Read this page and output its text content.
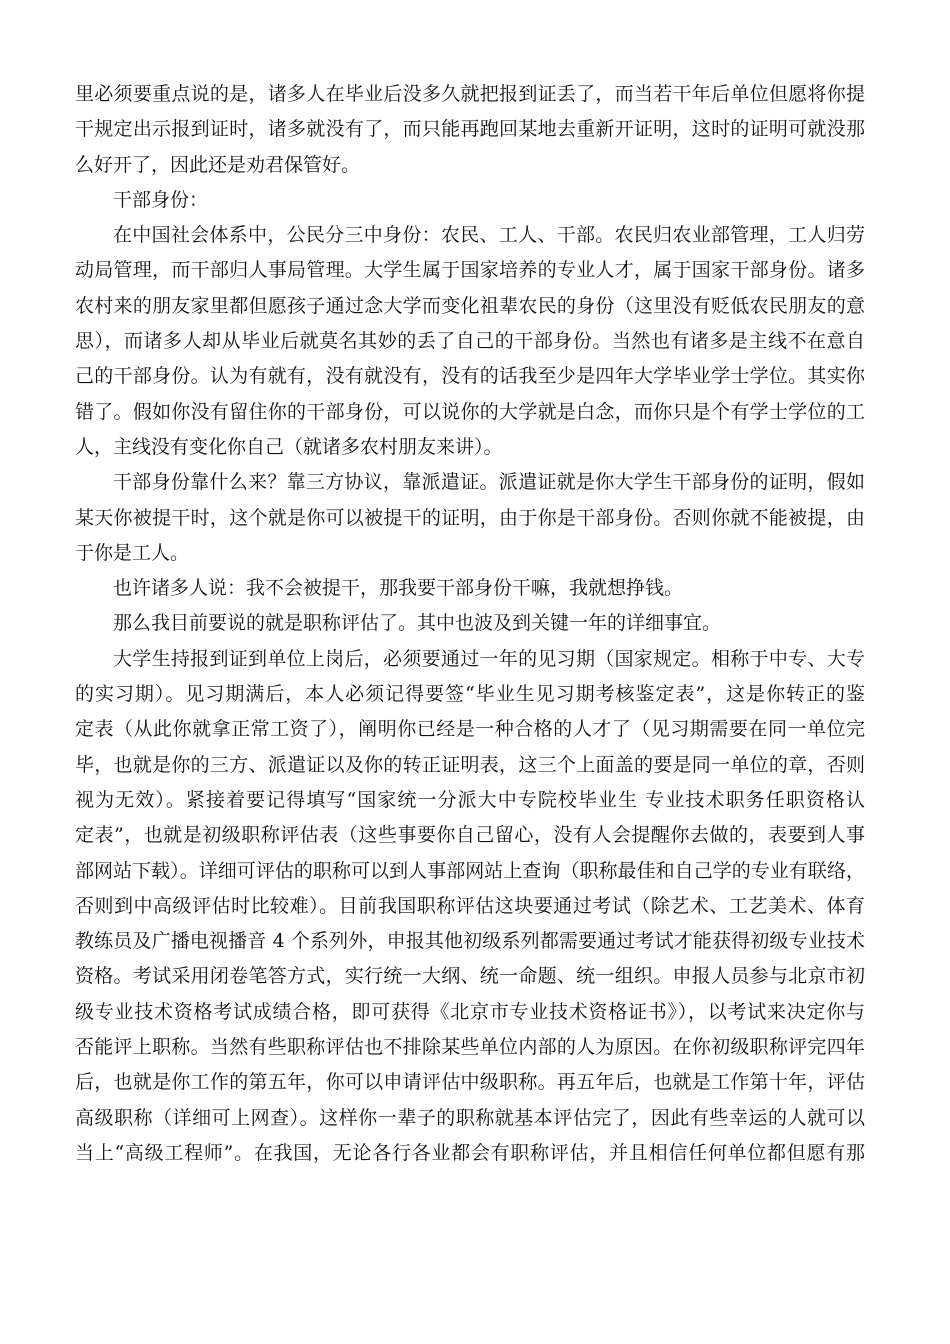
里必须要重点说的是，诸多人在毕业后没多久就把报到证丢了，而当若干年后单位但愿将你提
干规定出示报到证时，诸多就没有了，而只能再跑回某地去重新开证明，这时的证明可就没那
么好开了，因此还是劝君保管好。
干部身份：
在中国社会体系中，公民分三中身份：农民、工人、干部。农民归农业部管理，工人归劳
动局管理，而干部归人事局管理。大学生属于国家培养的专业人才，属于国家干部身份。诸多
农村来的朋友家里都但愿孩子通过念大学而变化祖辈农民的身份（这里没有贬低农民朋友的意
思），而诸多人却从毕业后就莫名其妙的丢了自己的干部身份。当然也有诸多是主线不在意自
己的干部身份。认为有就有，没有就没有，没有的话我至少是四年大学毕业学士学位。其实你
错了。假如你没有留住你的干部身份，可以说你的大学就是白念，而你只是个有学士学位的工
人，主线没有变化你自己（就诸多农村朋友来讲）。
干部身份靠什么来？靠三方协议，靠派遣证。派遣证就是你大学生干部身份的证明，假如
某天你被提干时，这个就是你可以被提干的证明，由于你是干部身份。否则你就不能被提，由
于你是工人。
也许诸多人说：我不会被提干，那我要干部身份干嘛，我就想挣钱。
那么我目前要说的就是职称评估了。其中也波及到关键一年的详细事宜。
大学生持报到证到单位上岗后，必须要通过一年的见习期（国家规定。相称于中专、大专
的实习期）。见习期满后，本人必须记得要签“毕业生见习期考核鉴定表”，这是你转正的鉴
定表（从此你就拿正常工资了），阐明你已经是一种合格的人才了（见习期需要在同一单位完
毕，也就是你的三方、派遣证以及你的转正证明表，这三个上面盖的要是同一单位的章，否则
视为无效）。紧接着要记得填写“国家统一分派大中专院校毕业生 专业技术职务任职资格认
定表”，也就是初级职称评估表（这些事要你自己留心，没有人会提醒你去做的，表要到人事
部网站下载）。详细可评估的职称可以到人事部网站上查询（职称最佳和自己学的专业有联络，
否则到中高级评估时比较难）。目前我国职称评估这块要通过考试（除艺术、工艺美术、体育
教练员及广播电视播音 4 个系列外，申报其他初级系列都需要通过考试才能获得初级专业技术
资格。考试采用闭卷笔答方式，实行统一大纲、统一命题、统一组织。申报人员参与北京市初
级专业技术资格考试成绩合格，即可获得《北京市专业技术资格证书》），以考试来决定你与
否能评上职称。当然有些职称评估也不排除某些单位内部的人为原因。在你初级职称评完四年
后，也就是你工作的第五年，你可以申请评估中级职称。再五年后，也就是工作第十年，评估
高级职称（详细可上网查）。这样你一辈子的职称就基本评估完了，因此有些幸运的人就可以
当上“高级工程师”。在我国，无论各行各业都会有职称评估，并且相信任何单位都但愿有那
